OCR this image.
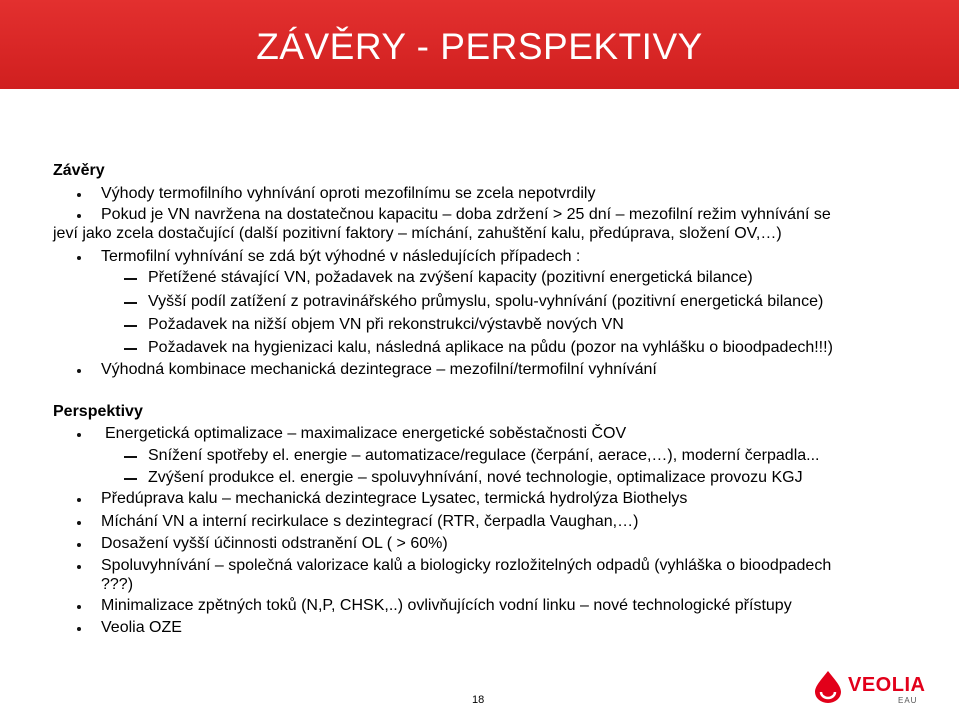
ZÁVĚRY - PERSPEKTIVY
Závěry
Výhody termofilního vyhnívání oproti mezofilnímu se zcela nepotvrdily
Pokud je VN navržena na dostatečnou kapacitu – doba zdržení > 25 dní – mezofilní režim vyhnívání se
jeví jako zcela dostačující (další pozitivní faktory – míchání, zahuštění kalu, předúprava, složení OV,…)
Termofilní vyhnívání se zdá být výhodné v následujících případech :
Přetížené stávající VN, požadavek na zvýšení kapacity (pozitivní energetická bilance)
Vyšší podíl zatížení z potravinářského průmyslu, spolu-vyhnívání (pozitivní energetická bilance)
Požadavek na nižší objem VN při rekonstrukci/výstavbě nových VN
Požadavek na hygienizaci kalu, následná aplikace na půdu (pozor na vyhlášku o bioodpadech!!!)
Výhodná kombinace mechanická dezintegrace – mezofilní/termofilní vyhnívání
Perspektivy
Energetická optimalizace – maximalizace energetické soběstačnosti ČOV
Snížení spotřeby el. energie – automatizace/regulace (čerpání, aerace,…), moderní čerpadla...
Zvýšení produkce el. energie – spoluvyhnívání, nové technologie, optimalizace provozu KGJ
Předúprava kalu – mechanická dezintegrace Lysatec, termická hydrolýza Biothelys
Míchání VN a interní recirkulace s dezintegrací (RTR, čerpadla Vaughan,…)
Dosažení vyšší účinnosti odstranění OL ( > 60%)
Spoluvyhnívání – společná valorizace kalů a biologicky rozložitelných odpadů (vyhláška o bioodpadech
???)
Minimalizace zpětných toků (N,P, CHSK,..) ovlivňujících vodní linku – nové technologické přístupy
Veolia OZE
18
VEOLIA
EAU
